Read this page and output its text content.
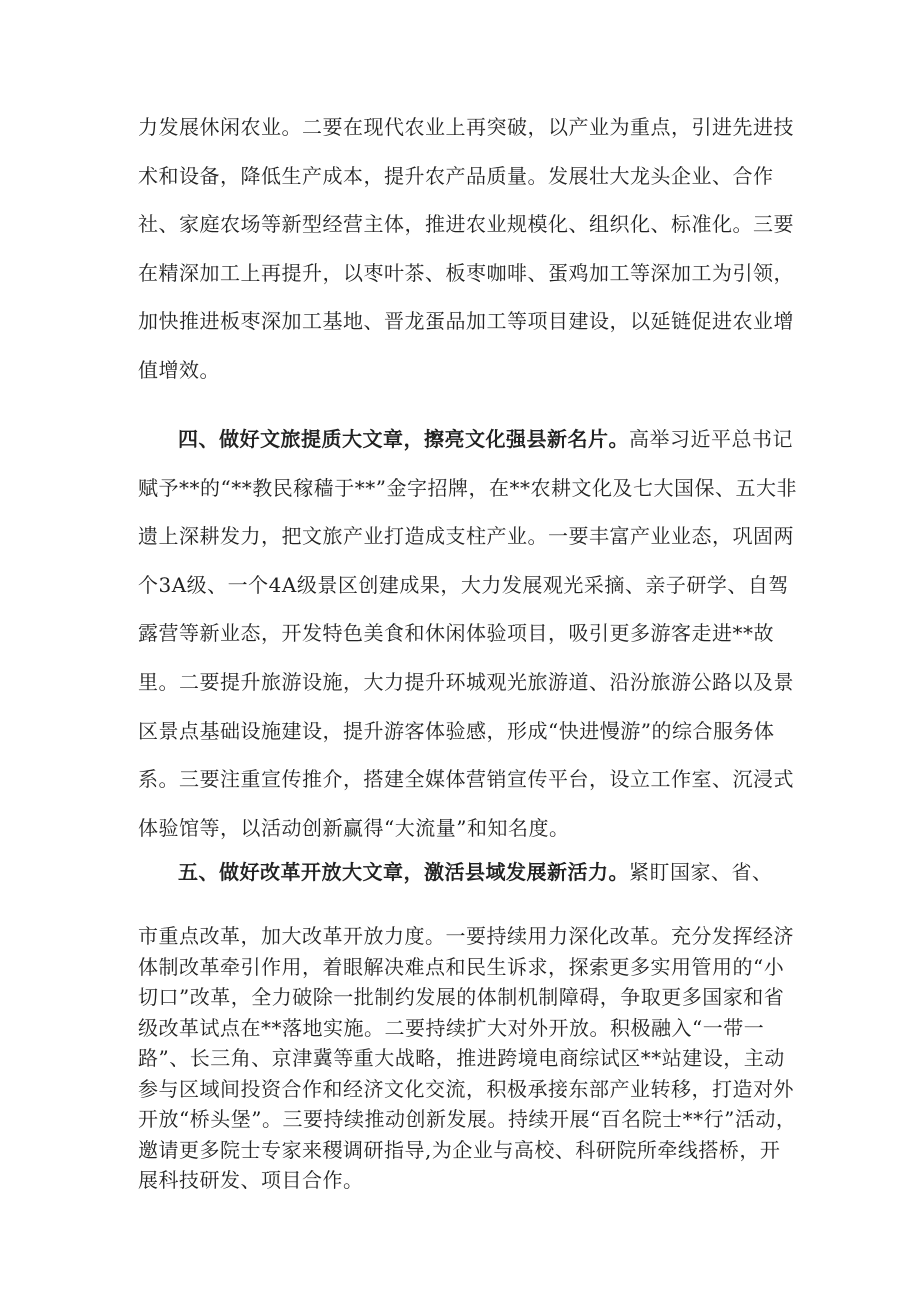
力发展休闲农业。二要在现代农业上再突破，以产业为重点，引进先进技术和设备，降低生产成本，提升农产品质量。发展壮大龙头企业、合作社、家庭农场等新型经营主体，推进农业规模化、组织化、标准化。三要在精深加工上再提升，以枣叶茶、板枣咖啡、蛋鸡加工等深加工为引领，加快推进板枣深加工基地、晋龙蛋品加工等项目建设，以延链促进农业增值增效。

四、做好文旅提质大文章，擦亮文化强县新名片。高举习近平总书记赋予**的“**教民稼穑于**”金字招牌，在**农耕文化及七大国保、五大非遗上深耕发力，把文旅产业打造成支柱产业。一要丰富产业业态，巩固两个3A级、一个4A级景区创建成果，大力发展观光采摘、亲子研学、自驾露营等新业态，开发特色美食和休闲体验项目，吸引更多游客走进**故里。二要提升旅游设施，大力提升环城观光旅游道、沿汾旅游公路以及景区景点基础设施建设，提升游客体验感，形成“快进慢游”的综合服务体系。三要注重宣传推介，搭建全媒体营销宣传平台，设立工作室、沉浸式体验馆等，以活动创新赢得“大流量”和知名度。

五、做好改革开放大文章，激活县域发展新活力。紧盯国家、省、

市重点改革，加大改革开放力度。一要持续用力深化改革。充分发挥经济体制改革牵引作用，着眼解决难点和民生诉求，探索更多实用管用的“小切口”改革，全力破除一批制约发展的体制机制障碍，争取更多国家和省级改革试点在**落地实施。二要持续扩大对外开放。积极融入“一带一路”、长三角、京津冀等重大战略，推进跨境电商综试区**站建设，主动参与区域间投资合作和经济文化交流，积极承接东部产业转移，打造对外开放“桥头堡”。三要持续推动创新发展。持续开展“百名院士**行”活动，邀请更多院士专家来稷调研指导,为企业与高校、科研院所牵线搭桥，开展科技研发、项目合作。
